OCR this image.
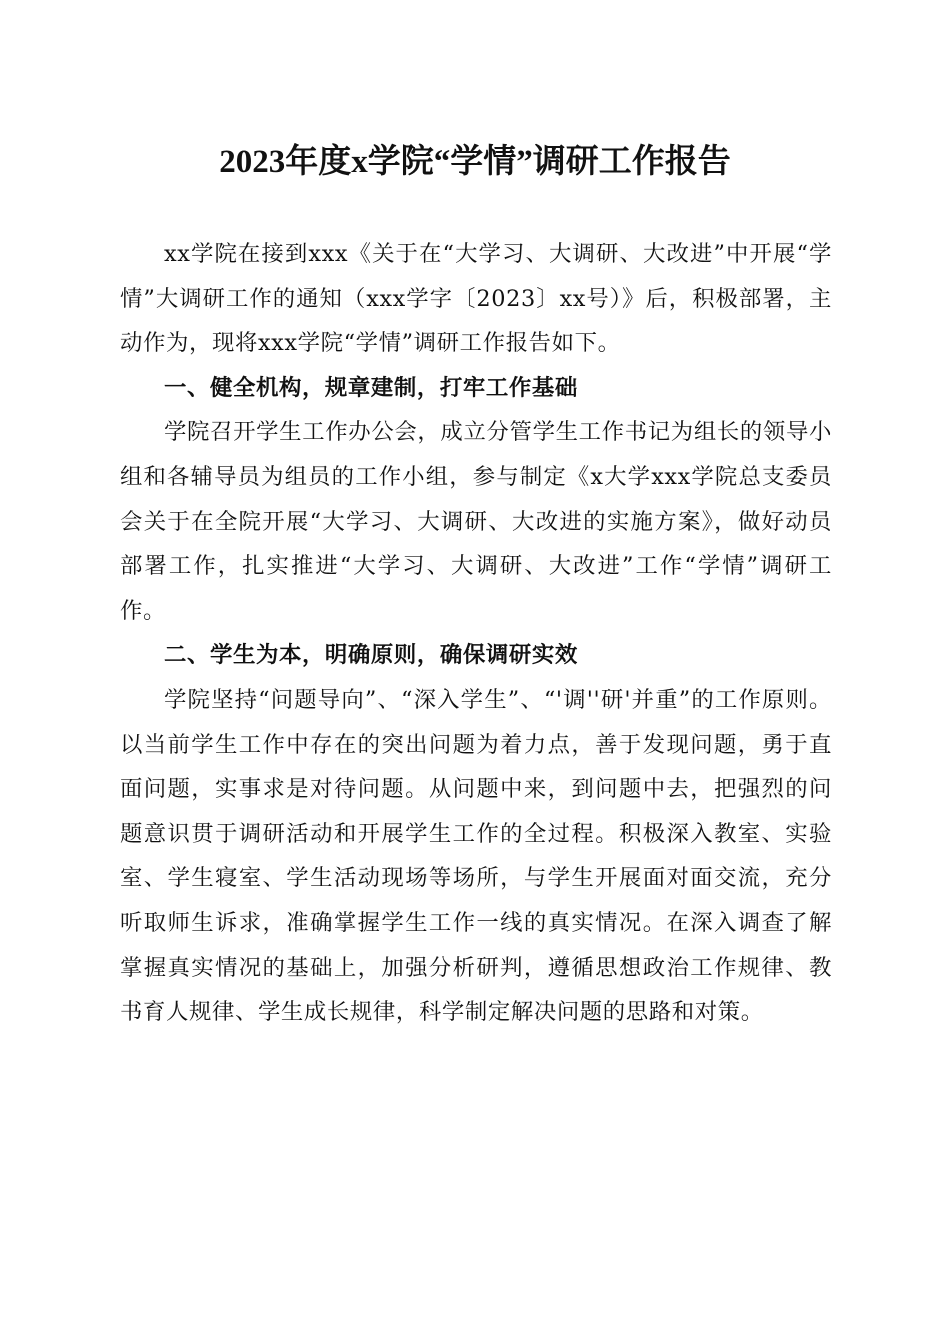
2023年度x学院“学情”调研工作报告

xx学院在接到xxx《关于在“大学习、大调研、大改进”中开展“学情”大调研工作的通知（xxx学字〔2023〕xx号）》后，积极部署，主动作为，现将xxx学院“学情”调研工作报告如下。

一、健全机构，规章建制，打牢工作基础

学院召开学生工作办公会，成立分管学生工作书记为组长的领导小组和各辅导员为组员的工作小组，参与制定《x大学xxx学院总支委员会关于在全院开展“大学习、大调研、大改进的实施方案》，做好动员部署工作，扎实推进“大学习、大调研、大改进”工作“学情”调研工作。

二、学生为本，明确原则，确保调研实效

学院坚持“问题导向”、“深入学生”、“'调''研'并重”的工作原则。以当前学生工作中存在的突出问题为着力点，善于发现问题，勇于直面问题，实事求是对待问题。从问题中来，到问题中去，把强烈的问题意识贯于调研活动和开展学生工作的全过程。积极深入教室、实验室、学生寝室、学生活动现场等场所，与学生开展面对面交流，充分听取师生诉求，准确掌握学生工作一线的真实情况。在深入调查了解掌握真实情况的基础上，加强分析研判，遵循思想政治工作规律、教书育人规律、学生成长规律，科学制定解决问题的思路和对策。
